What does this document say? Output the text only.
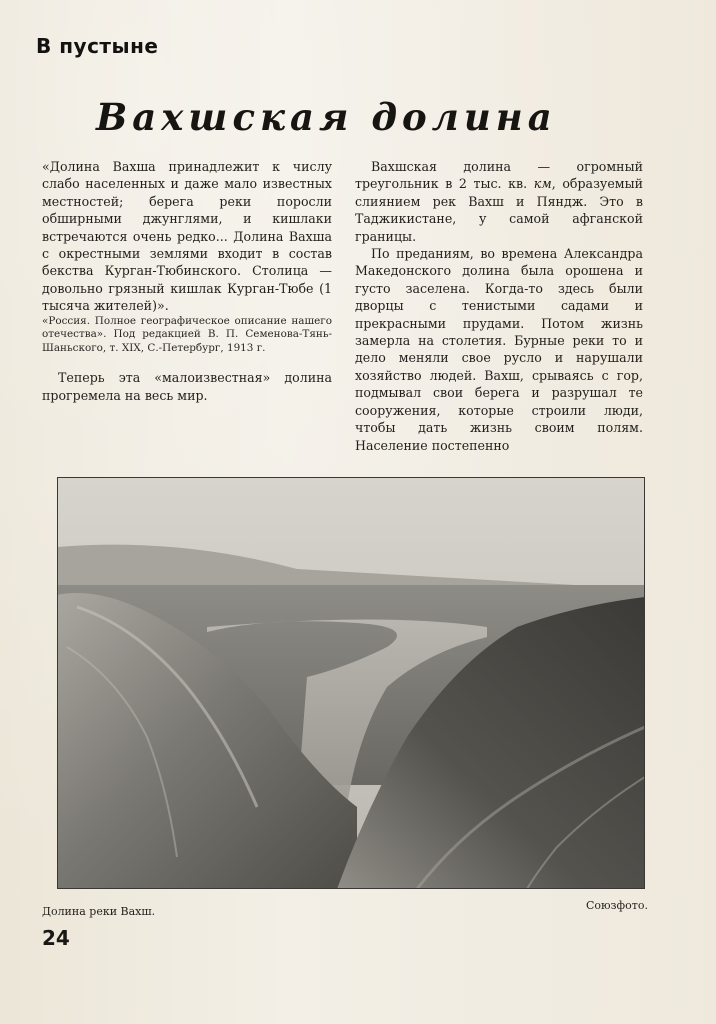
В пустыне
Вахшская долина

«Долина Вахша принадлежит к числу слабо населенных и даже мало известных местностей; берега реки поросли обширными джунглями, и кишлаки встречаются очень редко... Долина Вахша с окрестными землями входит в состав бекства Курган-Тюбинского. Столица — довольно грязный кишлак Курган-Тюбе (1 тысяча жителей)».

«Россия. Полное географическое описание нашего отечества». Под редакцией В. П. Семенова-Тянь-Шаньского, т. XIX, С.-Петербург, 1913 г.

Теперь эта «малоизвестная» долина прогремела на весь мир.

Вахшская долина — огромный треугольник в 2 тыс. кв. км, образуемый слиянием рек Вахш и Пяндж. Это в Таджикистане, у самой афганской границы.

По преданиям, во времена Александра Македонского долина была орошена и густо заселена. Когда-то здесь были дворцы с тенистыми садами и прекрасными прудами. Потом жизнь замерла на столетия. Бурные реки то и дело меняли свое русло и нарушали хозяйство людей. Вахш, срываясь с гор, подмывал свои берега и разрушал те сооружения, которые строили люди, чтобы дать жизнь своим полям. Население постепенно

Долина реки Вахш.	Союзфото.
24
